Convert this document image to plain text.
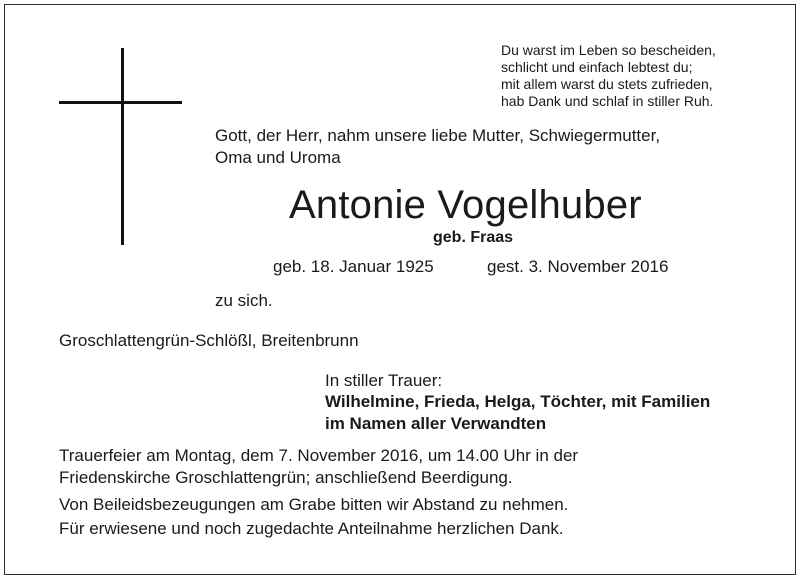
Du warst im Leben so bescheiden,
schlicht und einfach lebtest du;
mit allem warst du stets zufrieden,
hab Dank und schlaf in stiller Ruh.
Gott, der Herr, nahm unsere liebe Mutter, Schwiegermutter,
Oma und Uroma
Antonie Vogelhuber
geb. Fraas
geb. 18. Januar 1925	gest. 3. November 2016
zu sich.
Groschlattengrün-Schlößl, Breitenbrunn
In stiller Trauer:
Wilhelmine, Frieda, Helga, Töchter, mit Familien
im Namen aller Verwandten
Trauerfeier am Montag, dem 7. November 2016, um 14.00 Uhr in der
Friedenskirche Groschlattengrün; anschließend Beerdigung.
Von Beileidsbezeugungen am Grabe bitten wir Abstand zu nehmen.
Für erwiesene und noch zugedachte Anteilnahme herzlichen Dank.
